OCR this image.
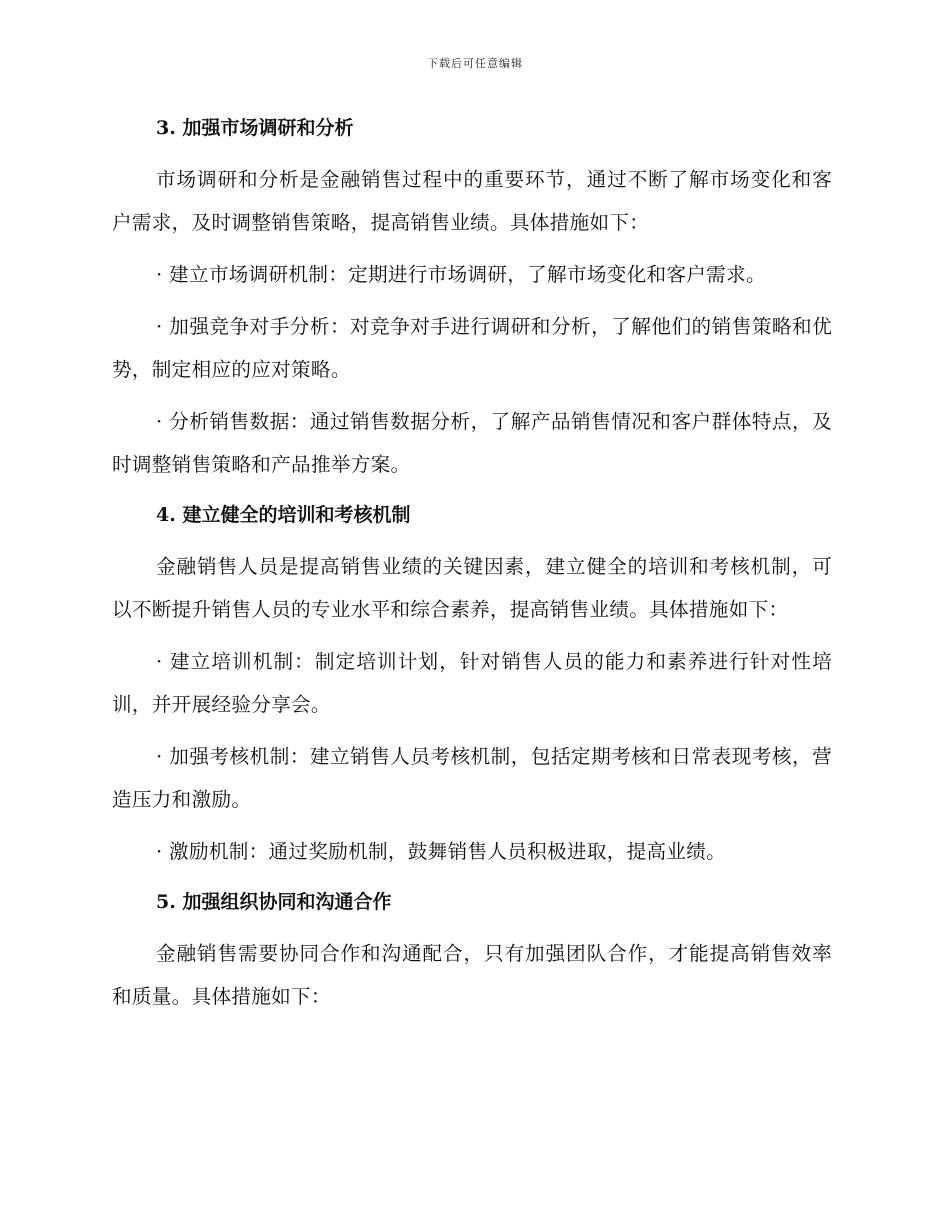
下载后可任意编辑
3. 加强市场调研和分析

市场调研和分析是金融销售过程中的重要环节，通过不断了解市场变化和客户需求，及时调整销售策略，提高销售业绩。具体措施如下：

· 建立市场调研机制：定期进行市场调研，了解市场变化和客户需求。

· 加强竞争对手分析：对竞争对手进行调研和分析，了解他们的销售策略和优势，制定相应的应对策略。

· 分析销售数据：通过销售数据分析，了解产品销售情况和客户群体特点，及时调整销售策略和产品推举方案。

4. 建立健全的培训和考核机制

金融销售人员是提高销售业绩的关键因素，建立健全的培训和考核机制，可以不断提升销售人员的专业水平和综合素养，提高销售业绩。具体措施如下：

· 建立培训机制：制定培训计划，针对销售人员的能力和素养进行针对性培训，并开展经验分享会。

· 加强考核机制：建立销售人员考核机制，包括定期考核和日常表现考核，营造压力和激励。

· 激励机制：通过奖励机制，鼓舞销售人员积极进取，提高业绩。

5. 加强组织协同和沟通合作

金融销售需要协同合作和沟通配合，只有加强团队合作，才能提高销售效率和质量。具体措施如下：
